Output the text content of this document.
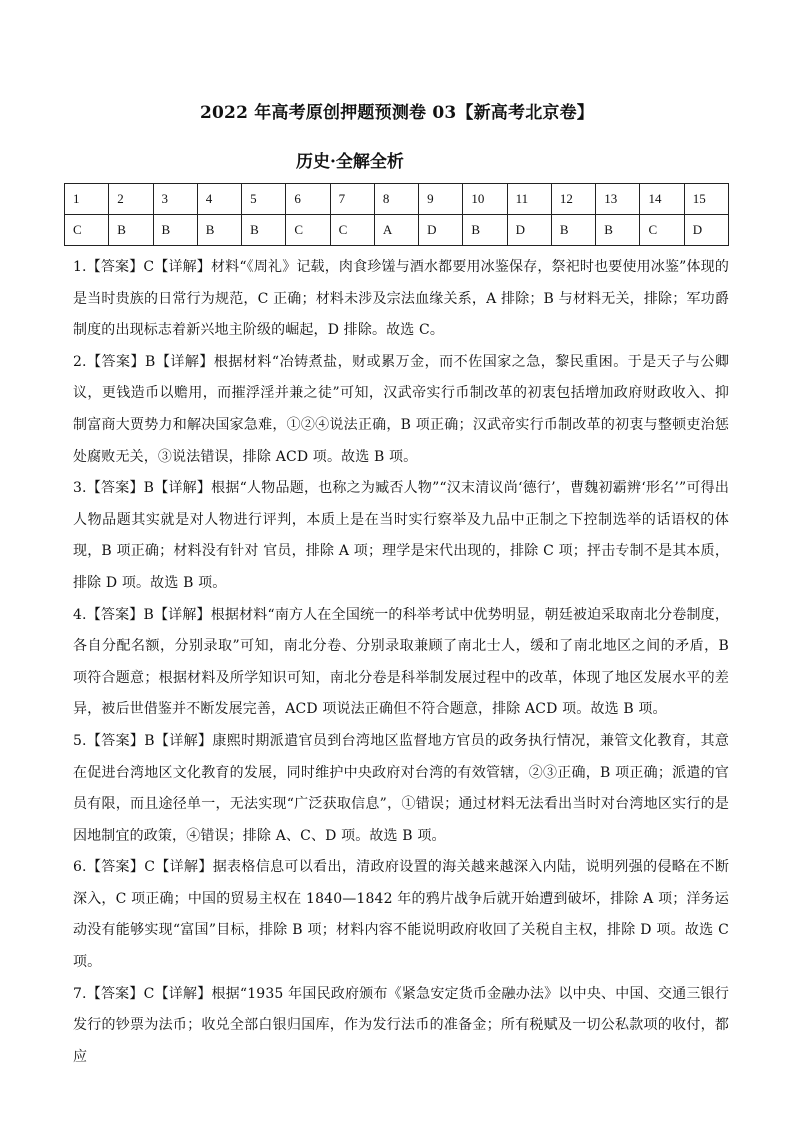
2022 年高考原创押题预测卷 03【新高考北京卷】
历史·全解全析
1	2	3	4	5	6	7	8	9	10	11	12	13	14	15
C	B	B	B	B	C	C	A	D	B	D	B	B	C	D

1.【答案】C【详解】材料“《周礼》记载，肉食珍馐与酒水都要用冰鉴保存，祭祀时也要使用冰鉴”体现的是当时贵族的日常行为规范，C 正确；材料未涉及宗法血缘关系，A 排除；B 与材料无关，排除；军功爵制度的出现标志着新兴地主阶级的崛起，D 排除。故选 C。

2.【答案】B【详解】根据材料“冶铸煮盐，财或累万金，而不佐国家之急，黎民重困。于是天子与公卿议，更钱造币以赡用，而摧浮淫并兼之徒”可知，汉武帝实行币制改革的初衷包括增加政府财政收入、抑制富商大贾势力和解决国家急难，①②④说法正确，B 项正确；汉武帝实行币制改革的初衷与整顿吏治惩处腐败无关，③说法错误，排除 ACD 项。故选 B 项。

3.【答案】B【详解】根据“人物品题，也称之为臧否人物”“汉末清议尚‘德行’，曹魏初霸辨‘形名’”可得出人物品题其实就是对人物进行评判，本质上是在当时实行察举及九品中正制之下控制选举的话语权的体现，B 项正确；材料没有针对 官员，排除 A 项；理学是宋代出现的，排除 C 项；抨击专制不是其本质，排除 D 项。故选 B 项。

4.【答案】B【详解】根据材料“南方人在全国统一的科举考试中优势明显，朝廷被迫采取南北分卷制度，各自分配名额，分别录取”可知，南北分卷、分别录取兼顾了南北士人，缓和了南北地区之间的矛盾，B 项符合题意；根据材料及所学知识可知，南北分卷是科举制发展过程中的改革，体现了地区发展水平的差异，被后世借鉴并不断发展完善，ACD 项说法正确但不符合题意，排除 ACD 项。故选 B 项。

5.【答案】B【详解】康熙时期派遣官员到台湾地区监督地方官员的政务执行情况，兼管文化教育，其意在促进台湾地区文化教育的发展，同时维护中央政府对台湾的有效管辖，②③正确，B 项正确；派遣的官员有限，而且途径单一，无法实现“广泛获取信息”，①错误；通过材料无法看出当时对台湾地区实行的是因地制宜的政策，④错误；排除 A、C、D 项。故选 B 项。

6.【答案】C【详解】据表格信息可以看出，清政府设置的海关越来越深入内陆，说明列强的侵略在不断深入，C 项正确；中国的贸易主权在 1840—1842 年的鸦片战争后就开始遭到破坏，排除 A 项；洋务运动没有能够实现“富国”目标，排除 B 项；材料内容不能说明政府收回了关税自主权，排除 D 项。故选 C 项。

7.【答案】C【详解】根据“1935 年国民政府颁布《紧急安定货币金融办法》以中央、中国、交通三银行发行的钞票为法币；收兑全部白银归国库，作为发行法币的准备金；所有税赋及一切公私款项的收付，都应
